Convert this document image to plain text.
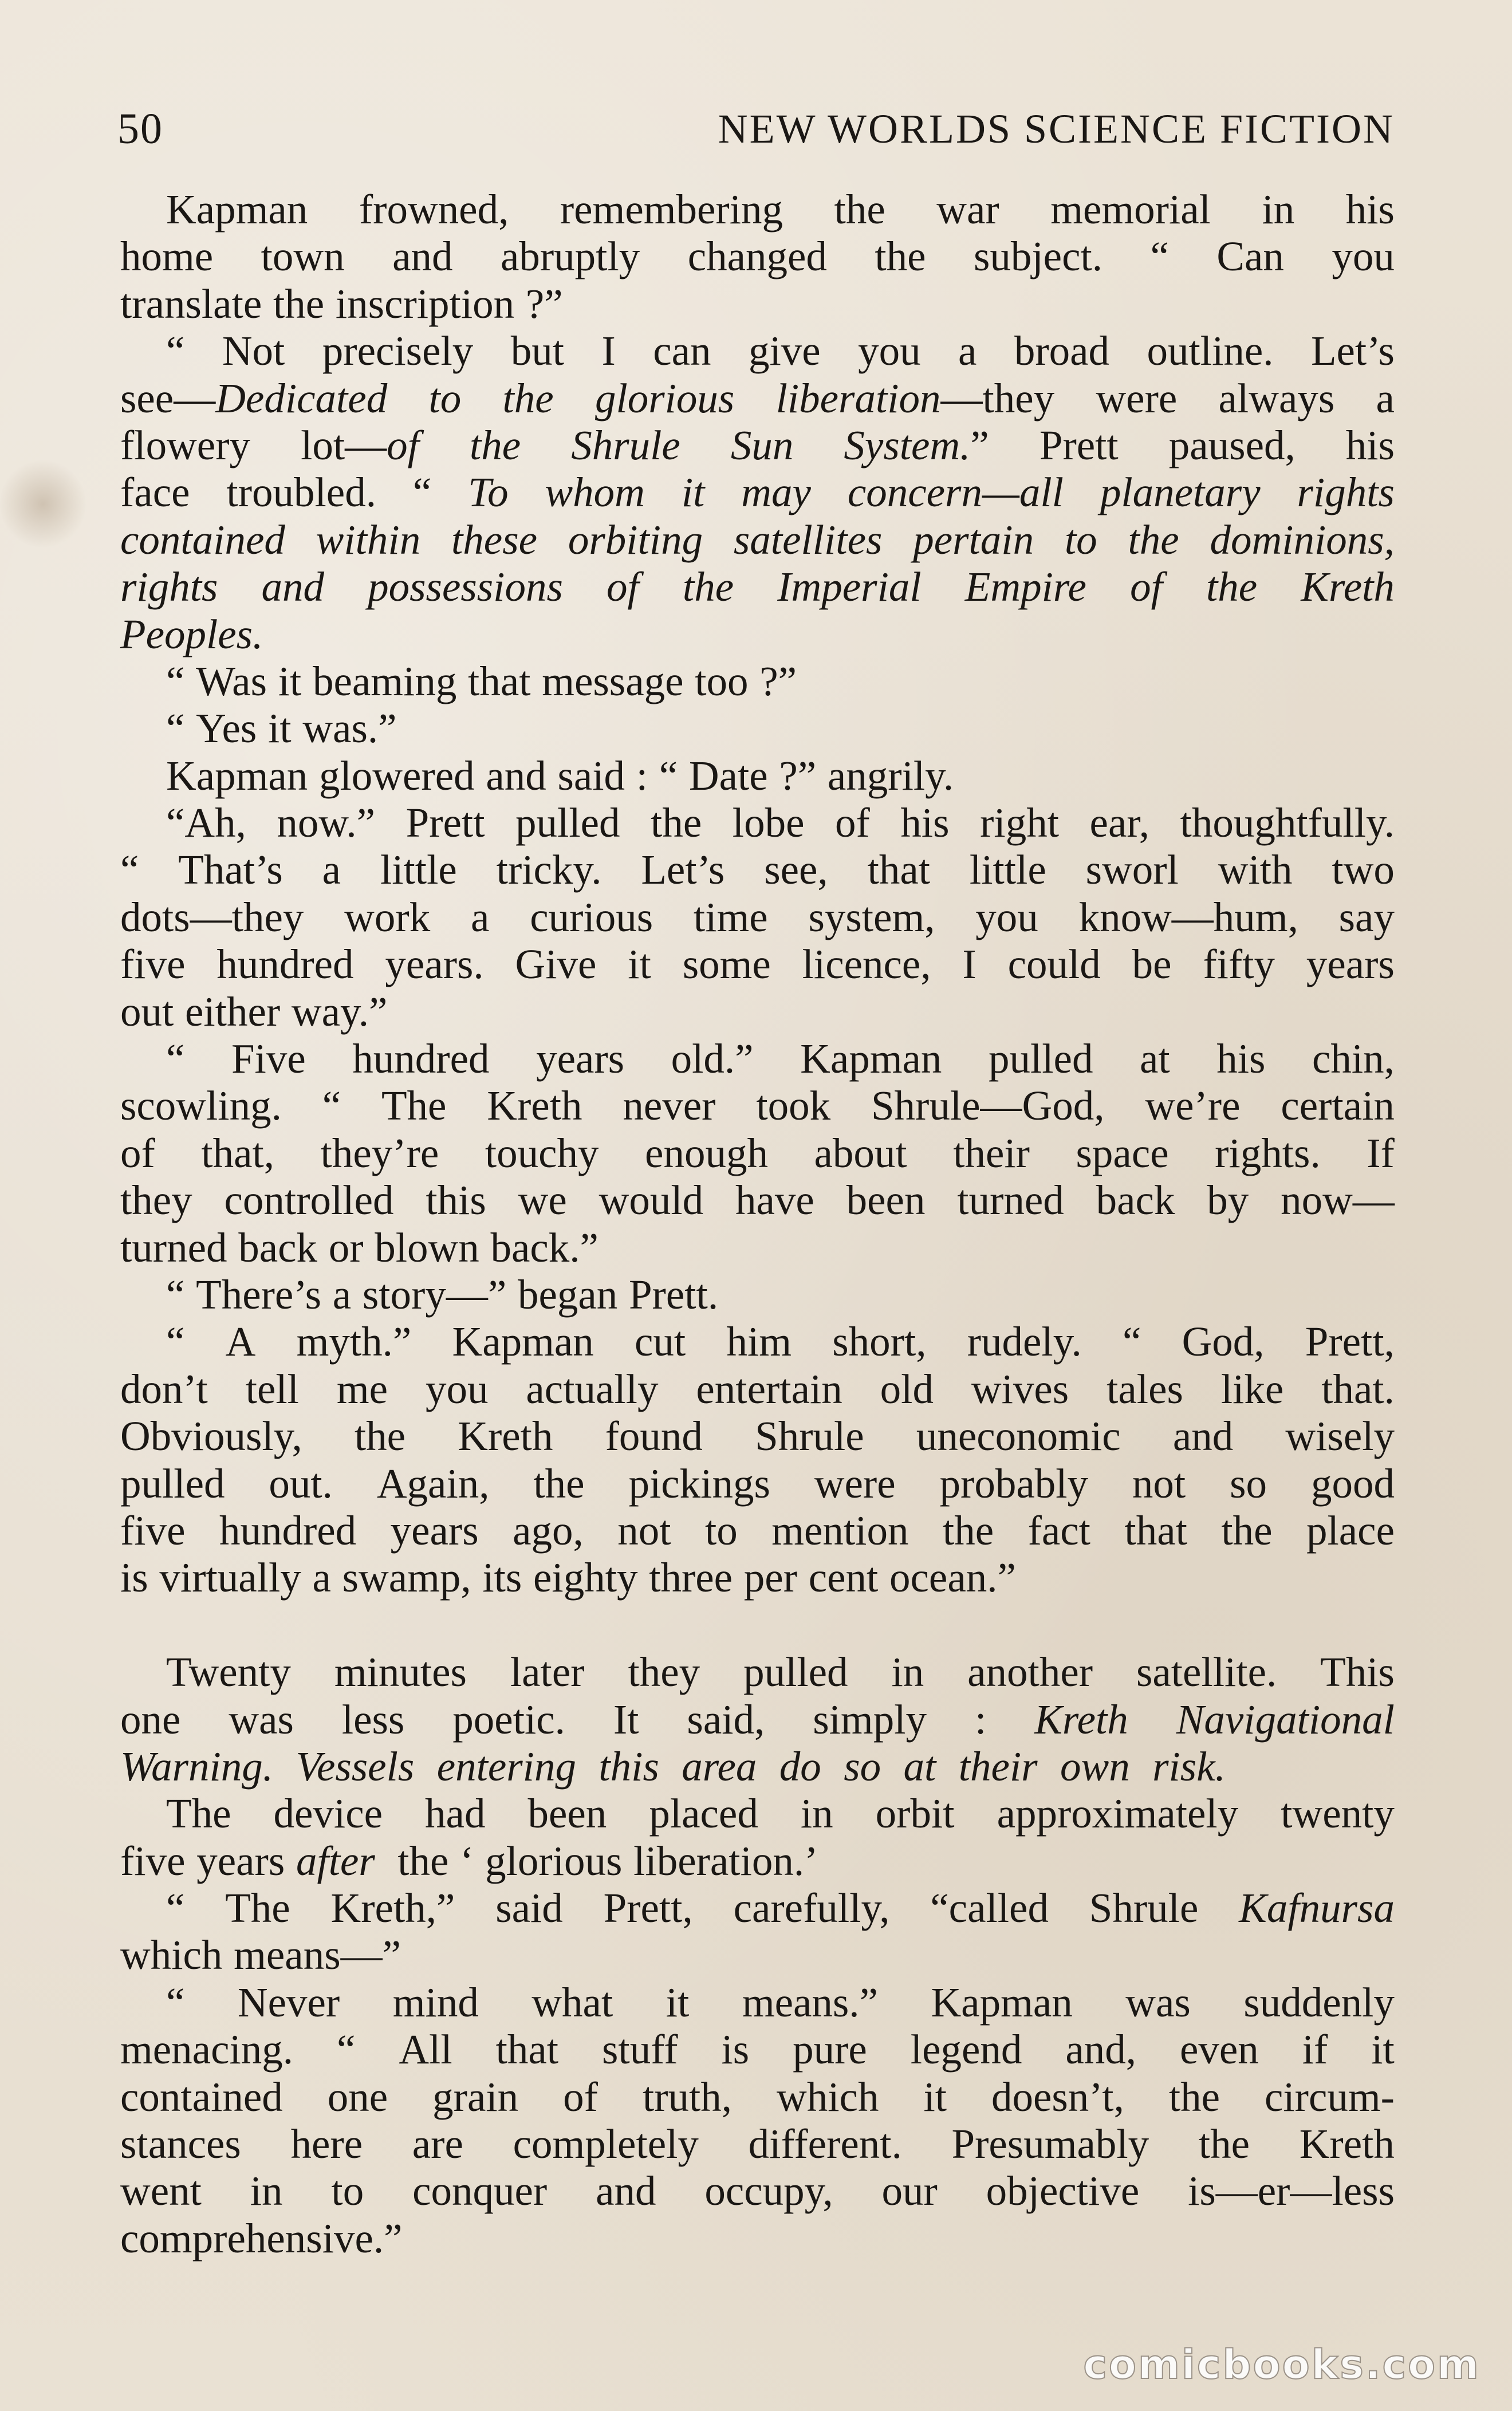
50	NEW WORLDS SCIENCE FICTION
Kapman frowned, remembering the war memorial in his
home town and abruptly changed the subject. “ Can you
translate the inscription ?”
“ Not precisely but I can give you a broad outline. Let’s
see—Dedicated to the glorious liberation—they were always a
flowery lot—of the Shrule Sun System.” Prett paused, his
face troubled. “ To whom it may concern—all planetary rights
contained within these orbiting satellites pertain to the dominions,
rights and possessions of the Imperial Empire of the Kreth
Peoples.
“ Was it beaming that message too ?”
“ Yes it was.”
Kapman glowered and said : “ Date ?” angrily.
“Ah, now.” Prett pulled the lobe of his right ear, thoughtfully.
“ That’s a little tricky. Let’s see, that little sworl with two
dots—they work a curious time system, you know—hum, say
five hundred years. Give it some licence, I could be fifty years
out either way.”
“ Five hundred years old.” Kapman pulled at his chin,
scowling. “ The Kreth never took Shrule—God, we’re certain
of that, they’re touchy enough about their space rights. If
they controlled this we would have been turned back by now—
turned back or blown back.”
“ There’s a story—” began Prett.
“ A myth.” Kapman cut him short, rudely. “ God, Prett,
don’t tell me you actually entertain old wives tales like that.
Obviously, the Kreth found Shrule uneconomic and wisely
pulled out. Again, the pickings were probably not so good
five hundred years ago, not to mention the fact that the place
is virtually a swamp, its eighty three per cent ocean.”
Twenty minutes later they pulled in another satellite. This
one was less poetic. It said, simply : Kreth Navigational
Warning. Vessels entering this area do so at their own risk.
The device had been placed in orbit approximately twenty
five years after the ‘ glorious liberation.’
“ The Kreth,” said Prett, carefully, “called Shrule Kafnursa
which means—”
“ Never mind what it means.” Kapman was suddenly
menacing. “ All that stuff is pure legend and, even if it
contained one grain of truth, which it doesn’t, the circum-
stances here are completely different. Presumably the Kreth
went in to conquer and occupy, our objective is—er—less
comprehensive.”
comicbooks.com
